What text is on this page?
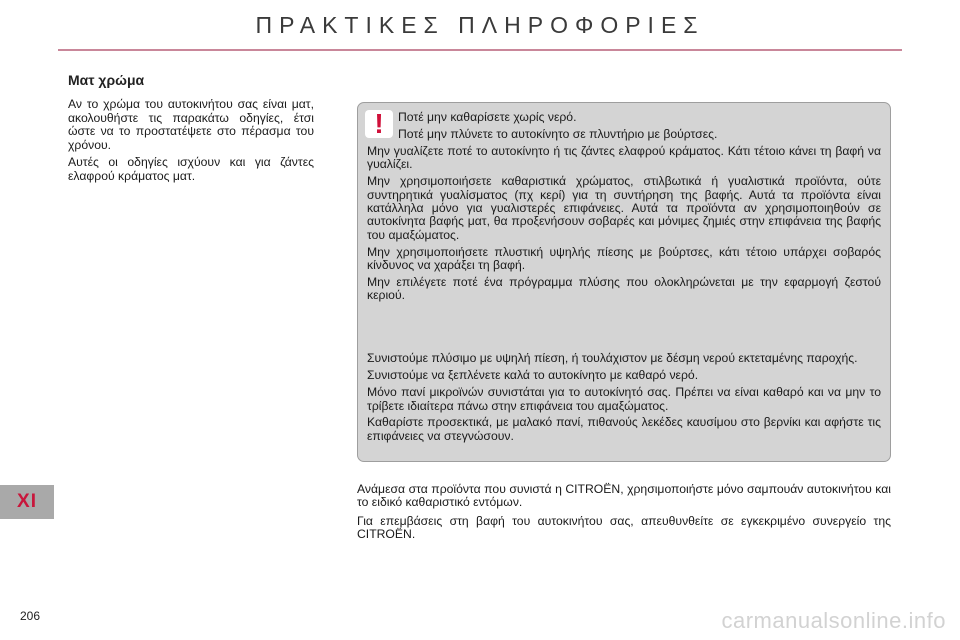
ΠΡΑΚΤΙΚΕΣ ΠΛΗΡΟΦΟΡΙΕΣ
XI
Ματ χρώμα

Αν το χρώμα του αυτοκινήτου σας είναι ματ, ακολουθήστε τις παρακάτω οδηγίες, έτσι ώστε να το προστατέψετε στο πέρασμα του χρόνου.

Αυτές οι οδηγίες ισχύουν και για ζάντες ελαφρού κράματος ματ.

!	Ποτέ μην καθαρίσετε χωρίς νερό.

Ποτέ μην πλύνετε το αυτοκίνητο σε πλυντήριο με βούρτσες.

Μην γυαλίζετε ποτέ το αυτοκίνητο ή τις ζάντες ελαφρού κράματος. Κάτι τέτοιο κάνει τη βαφή να γυαλίζει.

Μην χρησιμοποιήσετε καθαριστικά χρώματος, στιλβωτικά ή γυαλιστικά προϊόντα, ούτε συντηρητικά γυαλίσματος (πχ κερί) για τη συντήρηση της βαφής. Αυτά τα προϊόντα είναι κατάλληλα μόνο για γυαλιστερές επιφάνειες. Αυτά τα προϊόντα αν χρησιμοποιηθούν σε αυτοκίνητα βαφής ματ, θα προξενήσουν σοβαρές και μόνιμες ζημιές στην επιφάνεια της βαφής του αμαξώματος.

Μην χρησιμοποιήσετε πλυστική υψηλής πίεσης με βούρτσες, κάτι τέτοιο υπάρχει σοβαρός κίνδυνος να χαράξει τη βαφή.

Μην επιλέγετε ποτέ ένα πρόγραμμα πλύσης που ολοκληρώνεται με την εφαρμογή ζεστού κεριού.

Συνιστούμε πλύσιμο με υψηλή πίεση, ή τουλάχιστον με δέσμη νερού εκτεταμένης παροχής.

Συνιστούμε να ξεπλένετε καλά το αυτοκίνητο με καθαρό νερό.

Μόνο πανί μικροϊνών συνιστάται για το αυτοκίνητό σας. Πρέπει να είναι καθαρό και να μην το τρίβετε ιδιαίτερα πάνω στην επιφάνεια του αμαξώματος.

Καθαρίστε προσεκτικά, με μαλακό πανί, πιθανούς λεκέδες καυσίμου στο βερνίκι και αφήστε τις επιφάνειες να στεγνώσουν.

Ανάμεσα στα προϊόντα που συνιστά η CITROËN, χρησιμοποιήστε μόνο σαμπουάν αυτοκινήτου και το ειδικό καθαριστικό εντόμων.

Για επεμβάσεις στη βαφή του αυτοκινήτου σας, απευθυνθείτε σε εγκεκριμένο συνεργείο της CITROËN.

206	carmanualsonline.info
